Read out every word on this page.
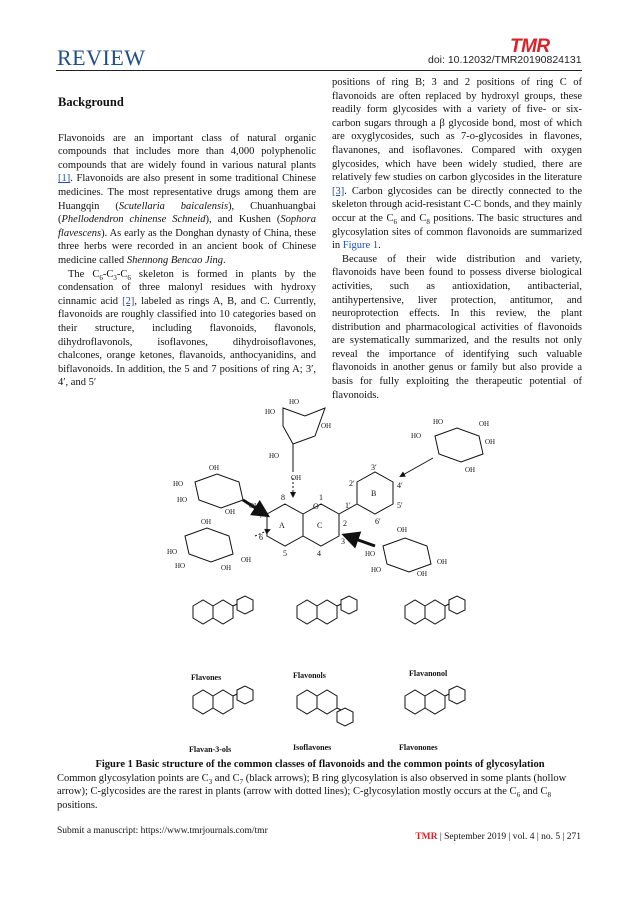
REVIEW	TMR
doi: 10.12032/TMR20190824131
Background

Flavonoids are an important class of natural organic compounds that includes more than 4,000 polyphenolic compounds that are widely found in various natural plants [1]. Flavonoids are also present in some traditional Chinese medicines. The most representative drugs among them are Huangqin (Scutellaria baicalensis), Chuanhuangbai (Phellodendron chinense Schneid), and Kushen (Sophora flavescens). As early as the Donghan dynasty of China, these three herbs were recorded in an ancient book of Chinese medicine called Shennong Bencao Jing.

The $C_6-C_3-C_6$ skeleton is formed in plants by the condensation of three malonyl residues with hydroxy cinnamic acid [2], labeled as rings A, B, and C. Currently, flavonoids are roughly classified into 10 categories based on their structure, including flavonoids, flavonols, dihydroflavonols, isoflavones, dihydroisoflavones, chalcones, orange ketones, flavanoids, anthocyanidins, and biflavonoids. In addition, the 5 and 7 positions of ring A; 3′, 4′, and 5′

positions of ring B; 3 and 2 positions of ring C of flavonoids are often replaced by hydroxyl groups, these readily form glycosides with a variety of five- or six-carbon sugars through a β glycoside bond, most of which are oxyglycosides, such as 7-o-glycosides in flavones, flavanones, and isoflavones. Compared with oxygen glycosides, which have been widely studied, there are relatively few studies on carbon glycosides in the literature [3]. Carbon glycosides can be directly connected to the skeleton through acid-resistant C-C bonds, and they mainly occur at the $C_6$ and $C_8$ positions. The basic structures and glycosylation sites of common flavonoids are summarized in Figure 1.

Because of their wide distribution and variety, flavonoids have been found to possess diverse biological activities, such as antioxidation, antibacterial, antihypertensive, liver protection, antitumor, and neuroprotection effects. In this review, the plant distribution and pharmacological activities of flavonoids are systematically summarized, and the results not only reveal the importance of identifying such valuable flavonoids in another genus or family but also provide a basis for fully exploiting the therapeutic potential of flavonoids.

A	C
B
1
2
3
4
5
6
7
8
1′
2′
3′
4′
5′
6′
O
HO
HO
OH
HO
OH
OH
HO
HO
OH
OH
OH
HO
HO	OH
OH
HO	OH
HO
OH
OH
OH
HO
HO	OH
OH
Flavones	Flavonols	Flavanonol
Flavan-3-ols	Isoflavones	Flavonones
Figure 1 Basic structure of the common classes of flavonoids and the common points of glycosylation
Common glycosylation points are $C_3$ and $C_7$ (black arrows); B ring glycosylation is also observed in some plants (hollow arrow); C-glycosides are the rarest in plants (arrow with dotted lines); C-glycosylation mostly occurs at the $C_6$ and $C_8$ positions.
Submit a manuscript: https://www.tmrjournals.com/tmr
TMR | September 2019 | vol. 4 | no. 5 | 271
